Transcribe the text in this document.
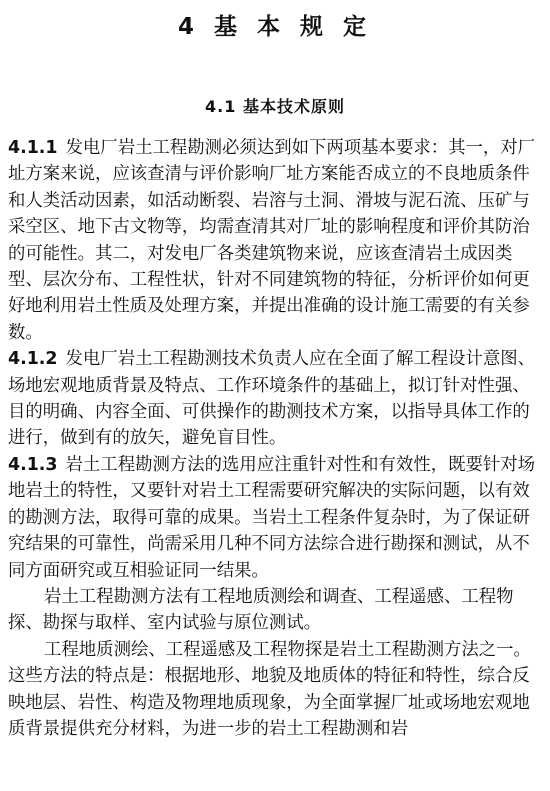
4 基 本 规 定
4.1 基本技术原则

4.1.1 发电厂岩土工程勘测必须达到如下两项基本要求：其一，对厂址方案来说，应该查清与评价影响厂址方案能否成立的不良地质条件和人类活动因素，如活动断裂、岩溶与土洞、滑坡与泥石流、压矿与采空区、地下古文物等，均需查清其对厂址的影响程度和评价其防治的可能性。其二，对发电厂各类建筑物来说，应该查清岩土成因类型、层次分布、工程性状，针对不同建筑物的特征，分析评价如何更好地利用岩土性质及处理方案，并提出准确的设计施工需要的有关参数。

4.1.2 发电厂岩土工程勘测技术负责人应在全面了解工程设计意图、场地宏观地质背景及特点、工作环境条件的基础上，拟订针对性强、目的明确、内容全面、可供操作的勘测技术方案，以指导具体工作的进行，做到有的放矢，避免盲目性。

4.1.3 岩土工程勘测方法的选用应注重针对性和有效性，既要针对场地岩土的特性，又要针对岩土工程需要研究解决的实际问题，以有效的勘测方法，取得可靠的成果。当岩土工程条件复杂时，为了保证研究结果的可靠性，尚需采用几种不同方法综合进行勘探和测试，从不同方面研究或互相验证同一结果。

岩土工程勘测方法有工程地质测绘和调查、工程遥感、工程物探、勘探与取样、室内试验与原位测试。

工程地质测绘、工程遥感及工程物探是岩土工程勘测方法之一。这些方法的特点是：根据地形、地貌及地质体的特征和特性，综合反映地层、岩性、构造及物理地质现象，为全面掌握厂址或场地宏观地质背景提供充分材料，为进一步的岩土工程勘测和岩
